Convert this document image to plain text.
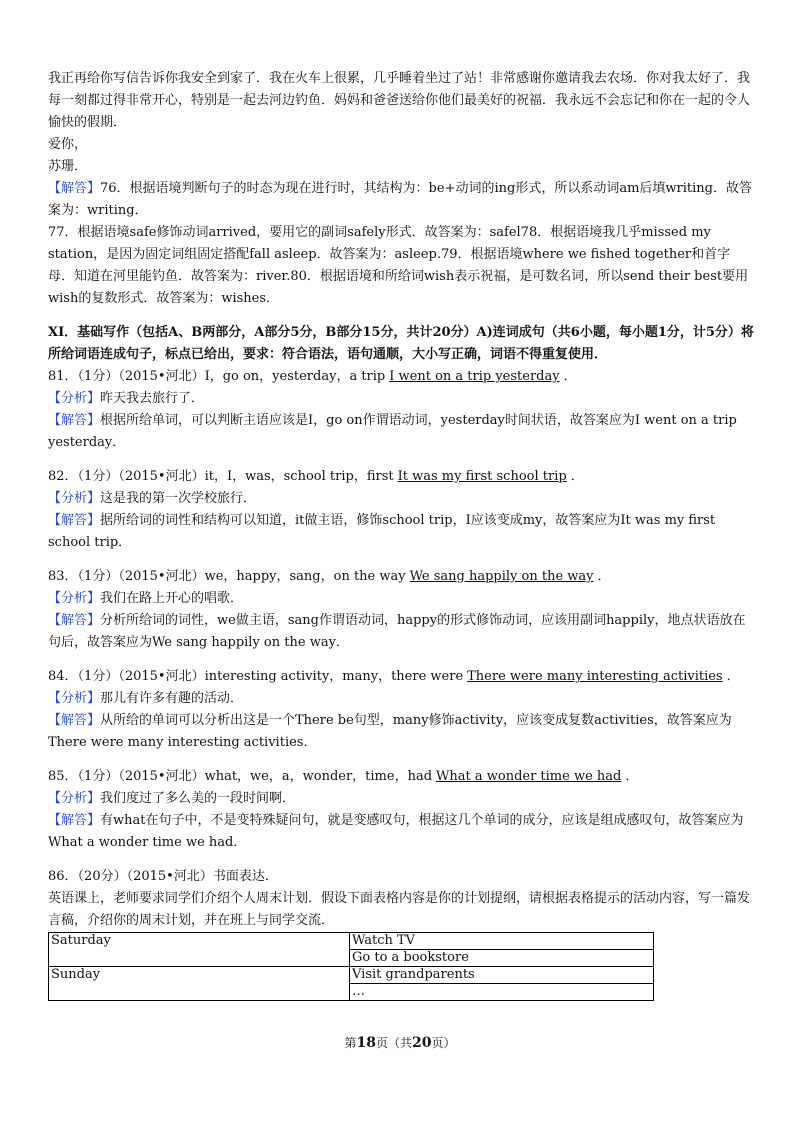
我正再给你写信告诉你我安全到家了．我在火车上很累，几乎睡着坐过了站！非常感谢你邀请我去农场．你对我太好了．我每一刻都过得非常开心，特别是一起去河边钓鱼．妈妈和爸爸送给你他们最美好的祝福．我永远不会忘记和你在一起的令人愉快的假期．

爱你，

苏珊．

【解答】76．根据语境判断句子的时态为现在进行时，其结构为：be+动词的ing形式，所以系动词am后填writing．故答案为：writing．

77．根据语境safe修饰动词arrived，要用它的副词safely形式．故答案为：safel78．根据语境我几乎missed my station，是因为固定词组固定搭配fall asleep．故答案为：asleep.79．根据语境where we fished together和首字母．知道在河里能钓鱼．故答案为：river.80．根据语境和所给词wish表示祝福，是可数名词，所以send their best要用wish的复数形式．故答案为：wishes．

XI．基础写作（包括A、B两部分，A部分5分，B部分15分，共计20分）A)连词成句（共6小题，每小题1分，计5分）将所给词语连成句子，标点已给出，要求：符合语法，语句通顺，大小写正确，词语不得重复使用．

81．（1分）（2015•河北）I，go on，yesterday，a trip I went on a trip yesterday ．

【分析】昨天我去旅行了．

【解答】根据所给单词，可以判断主语应该是I，go on作谓语动词，yesterday时间状语，故答案应为I went on a trip yesterday．

82．（1分）（2015•河北）it，I，was，school trip，first It was my first school trip ．

【分析】这是我的第一次学校旅行．

【解答】据所给词的词性和结构可以知道，it做主语，修饰school trip，I应该变成my，故答案应为It was my first school trip．

83．（1分）（2015•河北）we，happy，sang，on the way We sang happily on the way ．

【分析】我们在路上开心的唱歌．

【解答】分析所给词的词性，we做主语，sang作谓语动词，happy的形式修饰动词，应该用副词happily，地点状语放在句后，故答案应为We sang happily on the way．

84．（1分）（2015•河北）interesting activity，many，there were There were many interesting activities ．

【分析】那儿有许多有趣的活动．

【解答】从所给的单词可以分析出这是一个There be句型，many修饰activity，应该变成复数activities，故答案应为There were many interesting activities．

85．（1分）（2015•河北）what，we，a，wonder，time，had What a wonder time we had ．

【分析】我们度过了多么美的一段时间啊．

【解答】有what在句子中，不是变特殊疑问句，就是变感叹句，根据这几个单词的成分，应该是组成感叹句，故答案应为What a wonder time we had．

86．（20分）（2015•河北）书面表达．

英语课上，老师要求同学们介绍个人周末计划．假设下面表格内容是你的计划提纲，请根据表格提示的活动内容，写一篇发言稿，介绍你的周末计划，并在班上与同学交流．

Saturday	Watch TV
	Go to a bookstore
Sunday	Visit grandparents
	…
第18页（共20页）
